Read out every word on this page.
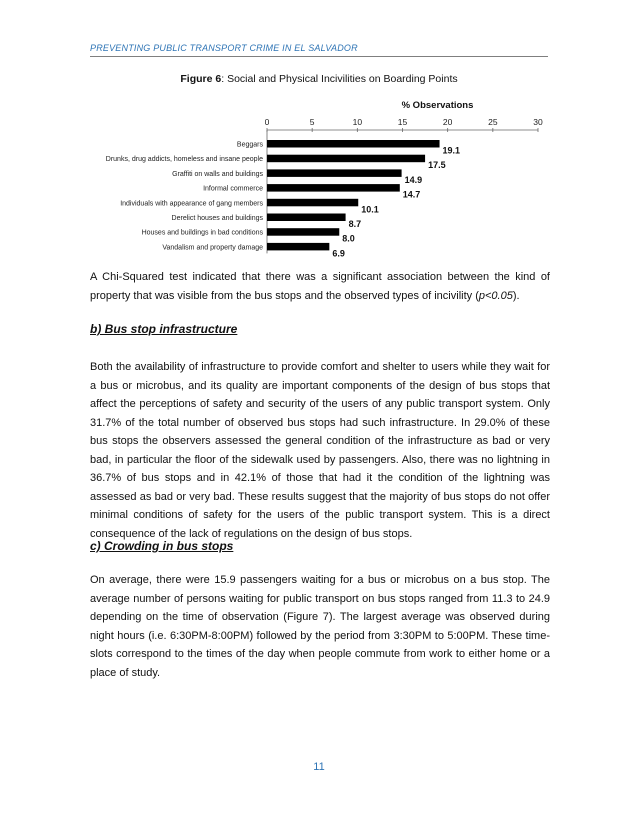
PREVENTING PUBLIC TRANSPORT CRIME IN EL SALVADOR
Figure 6: Social and Physical Incivilities on Boarding Points
% Observations
0	5	10	15	20	25	30
Beggars
19.1
Drunks, drug addicts, homeless and insane people
17.5
Graffiti on walls and buildings
14.9
Informal commerce
14.7
Individuals with appearance of gang members
10.1
Derelict houses and buildings
8.7
Houses and buildings in bad conditions
8.0
Vandalism and property damage
6.9

A Chi-Squared test indicated that there was a significant association between the kind of property that was visible from the bus stops and the observed types of incivility (p<0.05).

b) Bus stop infrastructure

Both the availability of infrastructure to provide comfort and shelter to users while they wait for a bus or microbus, and its quality are important components of the design of bus stops that affect the perceptions of safety and security of the users of any public transport system. Only 31.7% of the total number of observed bus stops had such infrastructure. In 29.0% of these bus stops the observers assessed the general condition of the infrastructure as bad or very bad, in particular the floor of the sidewalk used by passengers. Also, there was no lightning in 36.7% of bus stops and in 42.1% of those that had it the condition of the lightning was assessed as bad or very bad. These results suggest that the majority of bus stops do not offer minimal conditions of safety for the users of the public transport system. This is a direct consequence of the lack of regulations on the design of bus stops.

c) Crowding in bus stops

On average, there were 15.9 passengers waiting for a bus or microbus on a bus stop. The average number of persons waiting for public transport on bus stops ranged from 11.3 to 24.9 depending on the time of observation (Figure 7). The largest average was observed during night hours (i.e. 6:30PM-8:00PM) followed by the period from 3:30PM to 5:00PM. These time-slots correspond to the times of the day when people commute from work to either home or a place of study.

11
